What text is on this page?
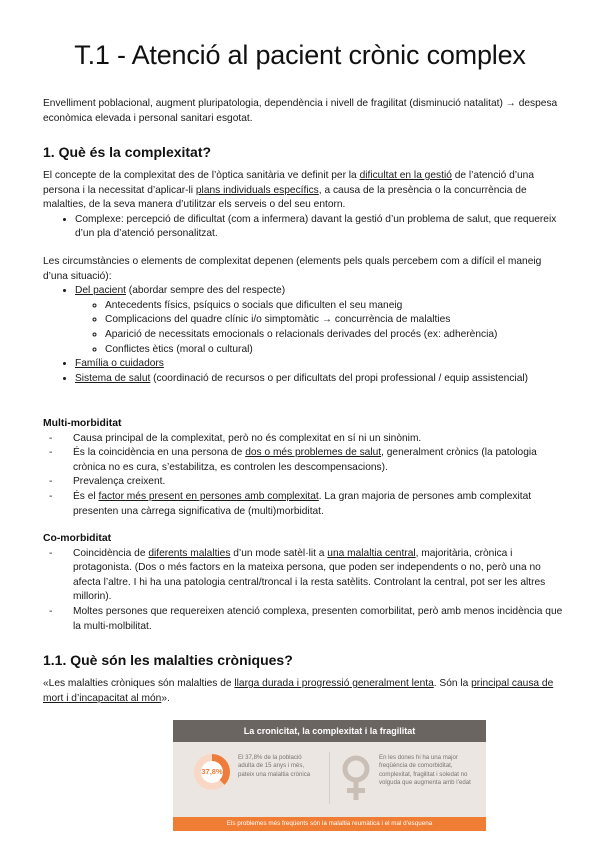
T.1 - Atenció al pacient crònic complex

Envelliment poblacional, augment pluripatologia, dependència i nivell de fragilitat (disminució natalitat) → despesa econòmica elevada i personal sanitari esgotat.

1. Què és la complexitat?

El concepte de la complexitat des de l’òptica sanitària ve definit per la dificultat en la gestió de l’atenció d’una persona i la necessitat d’aplicar-li plans individuals específics, a causa de la presència o la concurrència de malalties, de la seva manera d’utilitzar els serveis o del seu entorn.

• Complexe: percepció de dificultat (com a infermera) davant la gestió d’un problema de salut, que requereix d’un pla d’atenció personalitzat.

Les circumstàncies o elements de complexitat depenen (elements pels quals percebem com a difícil el maneig d’una situació):

• Del pacient (abordar sempre des del respecte)
◦ Antecedents físics, psíquics o socials que dificulten el seu maneig
◦ Complicacions del quadre clínic i/o simptomàtic → concurrència de malalties
◦ Aparició de necessitats emocionals o relacionals derivades del procés (ex: adherència)
◦ Conflictes ètics (moral o cultural)
• Família o cuidadors
• Sistema de salut (coordinació de recursos o per dificultats del propi professional / equip assistencial)
Multi-morbiditat
- Causa principal de la complexitat, però no és complexitat en sí ni un sinònim.
- És la coincidència en una persona de dos o més problemes de salut, generalment crònics (la patologia crònica no es cura, s’estabilitza, es controlen les descompensacions).
- Prevalença creixent.
- És el factor més present en persones amb complexitat. La gran majoria de persones amb complexitat presenten una càrrega significativa de (multi)morbiditat.
Co-morbiditat
- Coincidència de diferents malalties d’un mode satèl·lit a una malaltia central, majoritària, crònica i protagonista. (Dos o més factors en la mateixa persona, que poden ser independents o no, però una no afecta l’altre. I hi ha una patologia central/troncal i la resta satèlits. Controlant la central, pot ser les altres millorin).
- Moltes persones que requereixen atenció complexa, presenten comorbilitat, però amb menos incidència que la multi-molbilitat.
1.1. Què són les malalties cròniques?

«Les malalties cròniques són malalties de llarga durada i progressió generalment lenta. Són la principal causa de mort i d’incapacitat al món».

La cronicitat, la complexitat i la fragilitat
37,8%
El 37,8% de la població adulta de 15 anys i més, pateix una malaltia crònica
En les dones hi ha una major freqüència de comorbiditat, complexitat, fragilitat i soledat no volguda que augmenta amb l’edat
Els problemes més freqüents són la malaltia reumàtica i el mal d’esquena
